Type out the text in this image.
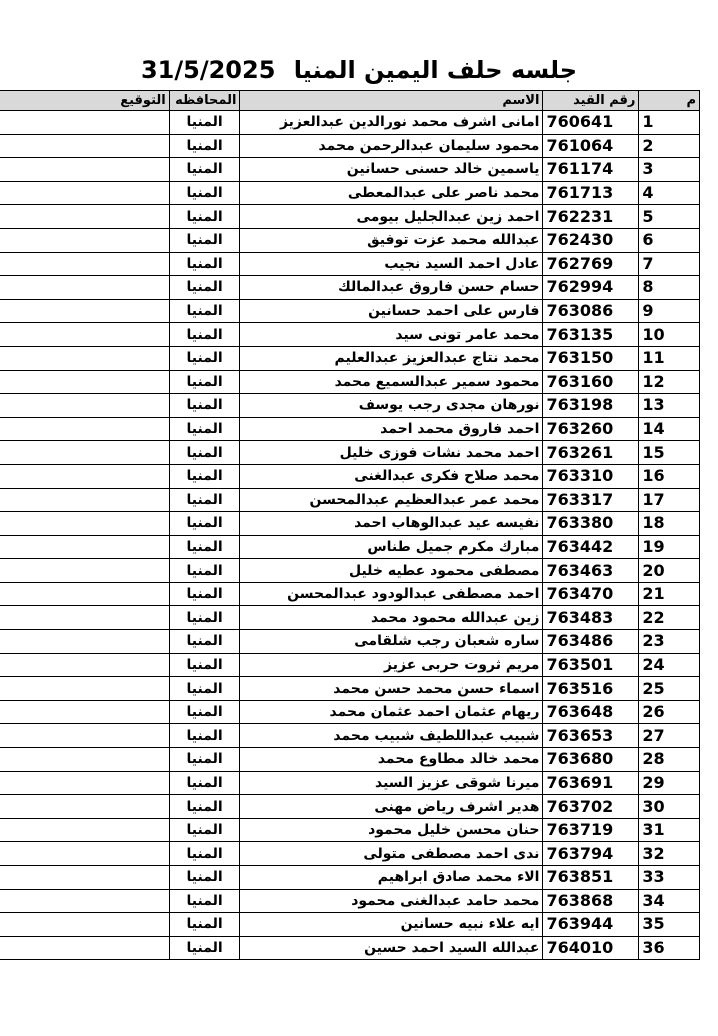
31/5/2025 جلسه حلف اليمين المنيا
م	رقم القيد	الاسم	المحافظه	التوقيع
1	760641	امانى اشرف محمد نورالدين عبدالعزيز	المنيا	
2	761064	محمود سليمان عبدالرحمن محمد	المنيا	
3	761174	ياسمين خالد حسنى حسانين	المنيا	
4	761713	محمد ناصر على عبدالمعطى	المنيا	
5	762231	احمد زين عبدالجليل بيومى	المنيا	
6	762430	عبدالله محمد عزت توفيق	المنيا	
7	762769	عادل احمد السيد نجيب	المنيا	
8	762994	حسام حسن فاروق عبدالمالك	المنيا	
9	763086	فارس على احمد حسانين	المنيا	
10	763135	محمد عامر تونى سيد	المنيا	
11	763150	محمد نتاج عبدالعزيز عبدالعليم	المنيا	
12	763160	محمود سمير عبدالسميع محمد	المنيا	
13	763198	نورهان مجدى رجب يوسف	المنيا	
14	763260	احمد فاروق محمد احمد	المنيا	
15	763261	احمد محمد نشات فوزى خليل	المنيا	
16	763310	محمد صلاح فكرى عبدالغنى	المنيا	
17	763317	محمد عمر عبدالعظيم عبدالمحسن	المنيا	
18	763380	نفيسه عيد عبدالوهاب احمد	المنيا	
19	763442	مبارك مكرم جميل طناس	المنيا	
20	763463	مصطفى محمود عطيه خليل	المنيا	
21	763470	احمد مصطفى عبدالودود عبدالمحسن	المنيا	
22	763483	زين عبدالله محمود محمد	المنيا	
23	763486	ساره شعبان رجب شلقامى	المنيا	
24	763501	مريم ثروت حربى عزيز	المنيا	
25	763516	اسماء حسن محمد حسن محمد	المنيا	
26	763648	ريهام عثمان احمد عثمان محمد	المنيا	
27	763653	شبيب عبداللطيف شبيب محمد	المنيا	
28	763680	محمد خالد مطاوع محمد	المنيا	
29	763691	ميرنا شوقى عزيز السيد	المنيا	
30	763702	هدير اشرف رياض مهنى	المنيا	
31	763719	حنان محسن خليل محمود	المنيا	
32	763794	ندى احمد مصطفى متولى	المنيا	
33	763851	الاء محمد صادق ابراهيم	المنيا	
34	763868	محمد حامد عبدالغنى محمود	المنيا	
35	763944	ايه علاء نبيه حسانين	المنيا	
36	764010	عبدالله السيد احمد حسين	المنيا	
